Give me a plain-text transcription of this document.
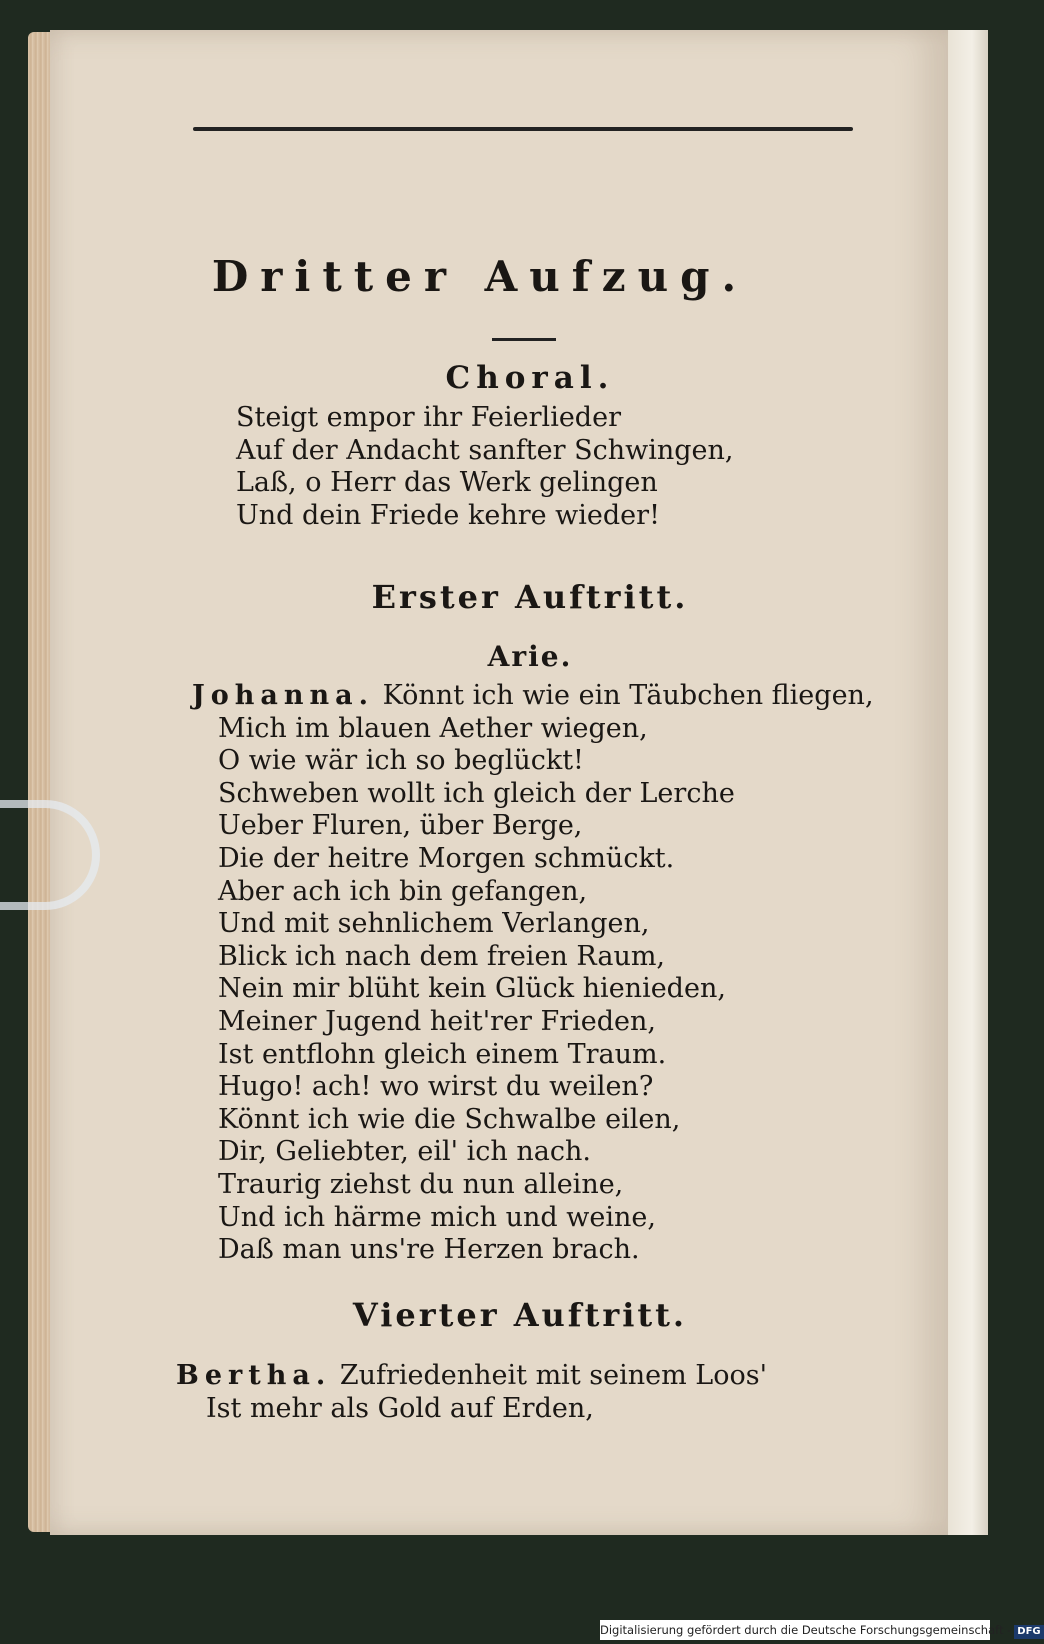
Dritter Aufzug.
Choral.
Steigt empor ihr Feierlieder
Auf der Andacht sanfter Schwingen,
Laß, o Herr das Werk gelingen
Und dein Friede kehre wieder!
Erster Auftritt.
Arie.
Johanna. Könnt ich wie ein Täubchen fliegen,
Mich im blauen Aether wiegen,
O wie wär ich so beglückt!
Schweben wollt ich gleich der Lerche
Ueber Fluren, über Berge,
Die der heitre Morgen schmückt.
Aber ach ich bin gefangen,
Und mit sehnlichem Verlangen,
Blick ich nach dem freien Raum,
Nein mir blüht kein Glück hienieden,
Meiner Jugend heit'rer Frieden,
Ist entflohn gleich einem Traum.
Hugo! ach! wo wirst du weilen?
Könnt ich wie die Schwalbe eilen,
Dir, Geliebter, eil' ich nach.
Traurig ziehst du nun alleine,
Und ich härme mich und weine,
Daß man uns're Herzen brach.
Vierter Auftritt.
Bertha. Zufriedenheit mit seinem Loos'
Ist mehr als Gold auf Erden,
Digitalisierung gefördert durch die Deutsche Forschungsgemeinschaft - DFG
